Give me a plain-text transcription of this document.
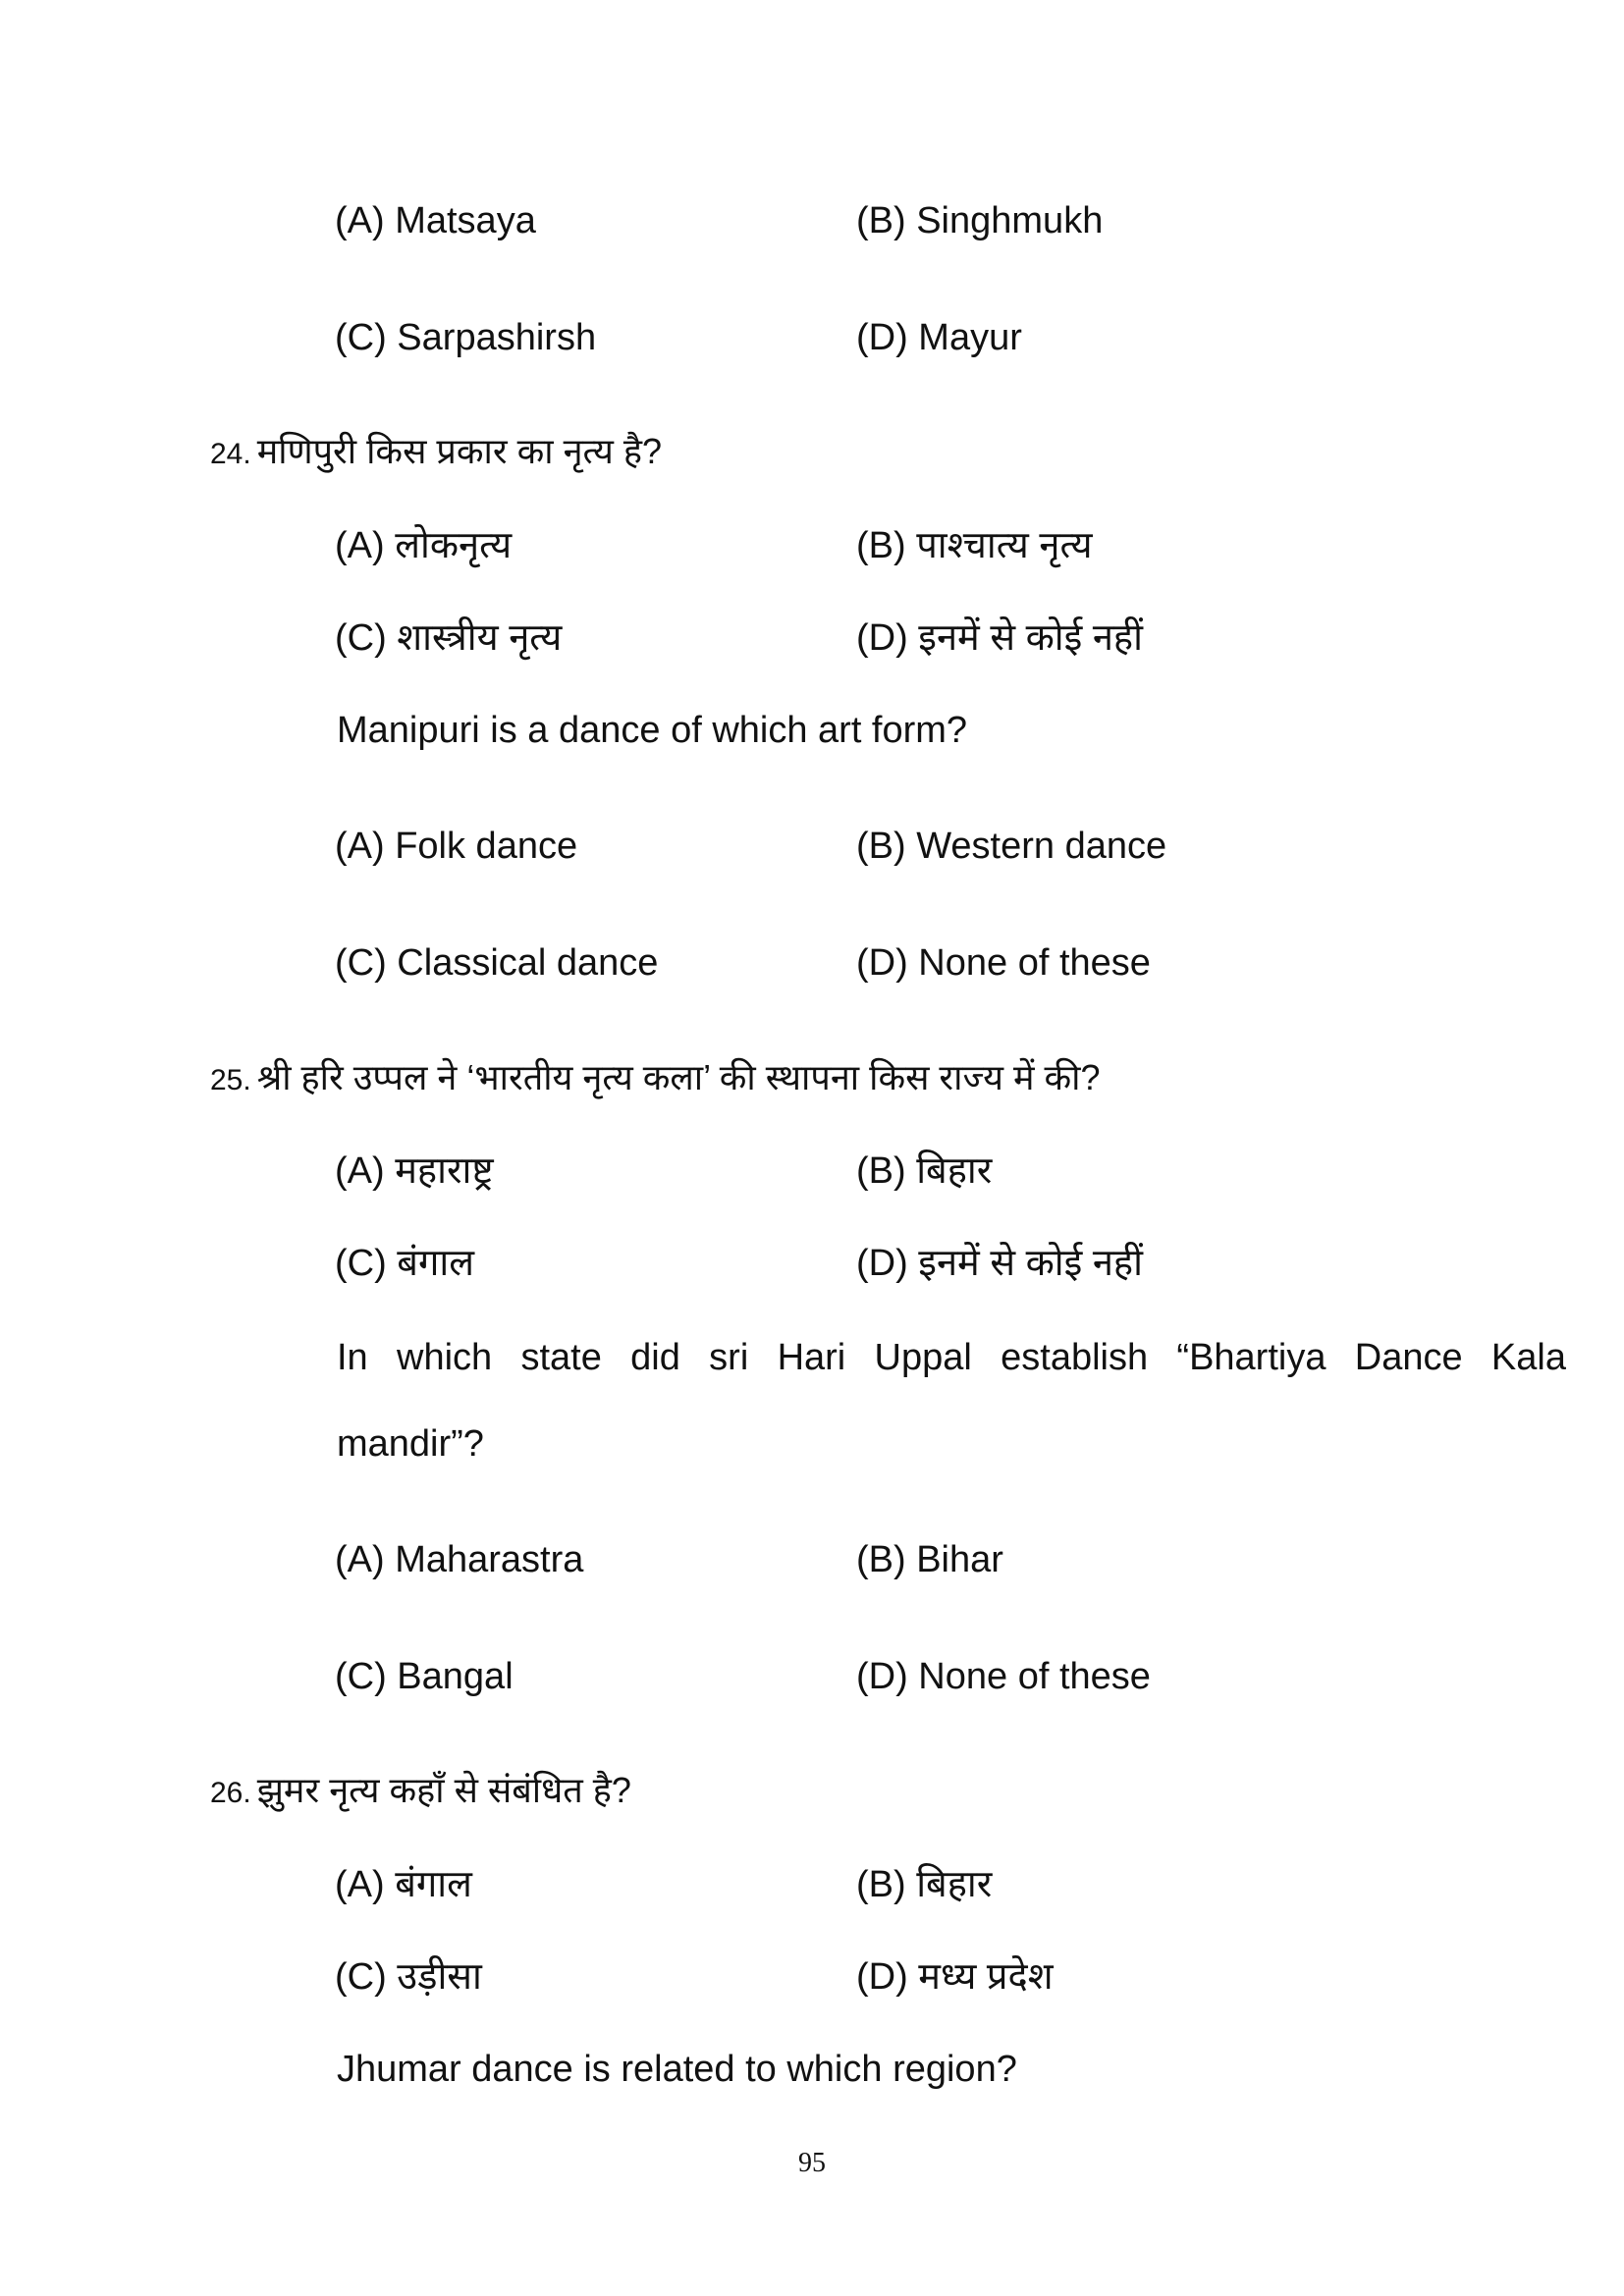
(A) Matsaya	(B) Singhmukh
(C) Sarpashirsh	(D) Mayur
24. मणिपुरी किस प्रकार का नृत्य है?
(A) लोकनृत्य	(B) पाश्चात्य नृत्य
(C) शास्त्रीय नृत्य	(D) इनमें से कोई नहीं
Manipuri is a dance of which art form?
(A) Folk dance	(B) Western dance
(C) Classical dance	(D) None of these
25. श्री हरि उप्पल ने ‘भारतीय नृत्य कला’ की स्थापना किस राज्य में की?
(A) महाराष्ट्र	(B) बिहार
(C) बंगाल	(D) इनमें से कोई नहीं
In which state did sri Hari Uppal establish “Bhartiya Dance Kala
mandir”?
(A) Maharastra	(B) Bihar
(C) Bangal	(D) None of these
26. झुमर नृत्य कहाँ से संबंधित है?
(A) बंगाल	(B) बिहार
(C) उड़ीसा	(D) मध्य प्रदेश
Jhumar dance is related to which region?
95
